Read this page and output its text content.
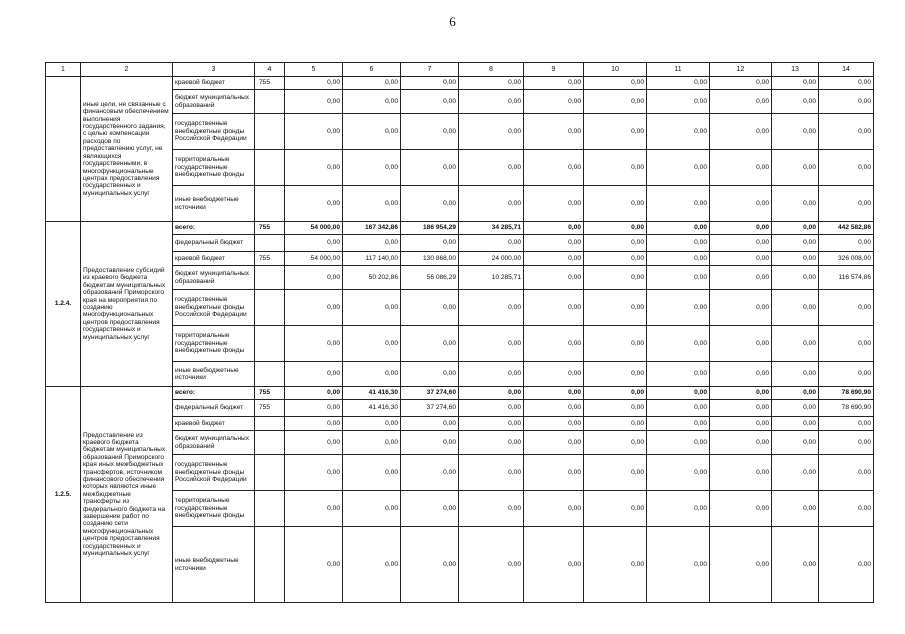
6
1	2	3	4	5	6	7	8	9	10	11	12	13	14
	иные цели, не связанные с финансовым обеспечением выполнения государственного задания, с целью компенсации расходов по предоставлению услуг, не являющихся государственными, в многофункциональные центрах предоставления государственных и муниципальных услуг	краевой бюджет	755	0,00	0,00	0,00	0,00	0,00	0,00	0,00	0,00	0,00	0,00
		бюджет муниципальных образований		0,00	0,00	0,00	0,00	0,00	0,00	0,00	0,00	0,00	0,00
		государственные внебюджетные фонды Российской Федерации		0,00	0,00	0,00	0,00	0,00	0,00	0,00	0,00	0,00	0,00
		территориальные государственные внебюджетные фонды		0,00	0,00	0,00	0,00	0,00	0,00	0,00	0,00	0,00	0,00
		иные внебюджетные источники		0,00	0,00	0,00	0,00	0,00	0,00	0,00	0,00	0,00	0,00
1.2.4.	Предоставление субсидий из краевого бюджета бюджетам муниципальных образований Приморского края на мероприятия по созданию многофункциональных центров предоставления государственных и муниципальных услуг	всего:	755	54 000,00	167 342,86	186 954,29	34 285,71	0,00	0,00	0,00	0,00	0,00	442 582,86
		федеральный бюджет		0,00	0,00	0,00	0,00	0,00	0,00	0,00	0,00	0,00	0,00
		краевой бюджет	755	54 000,00	117 140,00	130 868,00	24 000,00	0,00	0,00	0,00	0,00	0,00	326 008,00
		бюджет муниципальных образований		0,00	50 202,86	56 086,29	10 285,71	0,00	0,00	0,00	0,00	0,00	116 574,86
		государственные внебюджетные фонды Российской Федерации		0,00	0,00	0,00	0,00	0,00	0,00	0,00	0,00	0,00	0,00
		территориальные государственные внебюджетные фонды		0,00	0,00	0,00	0,00	0,00	0,00	0,00	0,00	0,00	0,00
		иные внебюджетные источники		0,00	0,00	0,00	0,00	0,00	0,00	0,00	0,00	0,00	0,00
1.2.5.	Предоставление из краевого бюджета бюджетам муниципальных образований Приморского края иных межбюджетных трансфертов, источником финансового обеспечения которых являются иные межбюджетные трансферты из федерального бюджета на завершение работ по созданию сети многофункциональных центров предоставления государственных и муниципальных услуг	всего:	755	0,00	41 416,30	37 274,60	0,00	0,00	0,00	0,00	0,00	0,00	78 690,90
		федеральный бюджет	755	0,00	41 416,30	37 274,60	0,00	0,00	0,00	0,00	0,00	0,00	78 690,90
		краевой бюджет		0,00	0,00	0,00	0,00	0,00	0,00	0,00	0,00	0,00	0,00
		бюджет муниципальных образований		0,00	0,00	0,00	0,00	0,00	0,00	0,00	0,00	0,00	0,00
		государственные внебюджетные фонды Российской Федерации		0,00	0,00	0,00	0,00	0,00	0,00	0,00	0,00	0,00	0,00
		территориальные государственные внебюджетные фонды		0,00	0,00	0,00	0,00	0,00	0,00	0,00	0,00	0,00	0,00
		иные внебюджетные источники		0,00	0,00	0,00	0,00	0,00	0,00	0,00	0,00	0,00	0,00
